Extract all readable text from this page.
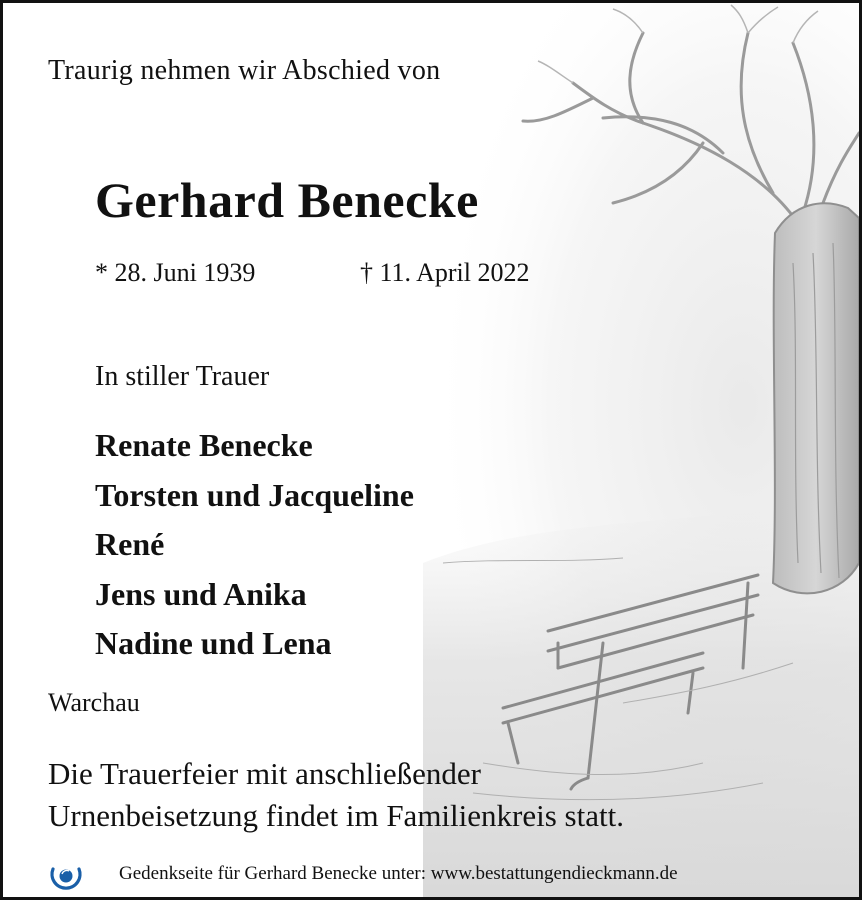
Traurig nehmen wir Abschied von
Gerhard Benecke
* 28. Juni 1939	† 11. April 2022
In stiller Trauer
Renate Benecke
Torsten und Jacqueline
René
Jens und Anika
Nadine und Lena
Warchau
Die Trauerfeier mit anschließender
Urnenbeisetzung findet im Familienkreis statt.
Gedenkseite für Gerhard Benecke unter: www.bestattungendieckmann.de
